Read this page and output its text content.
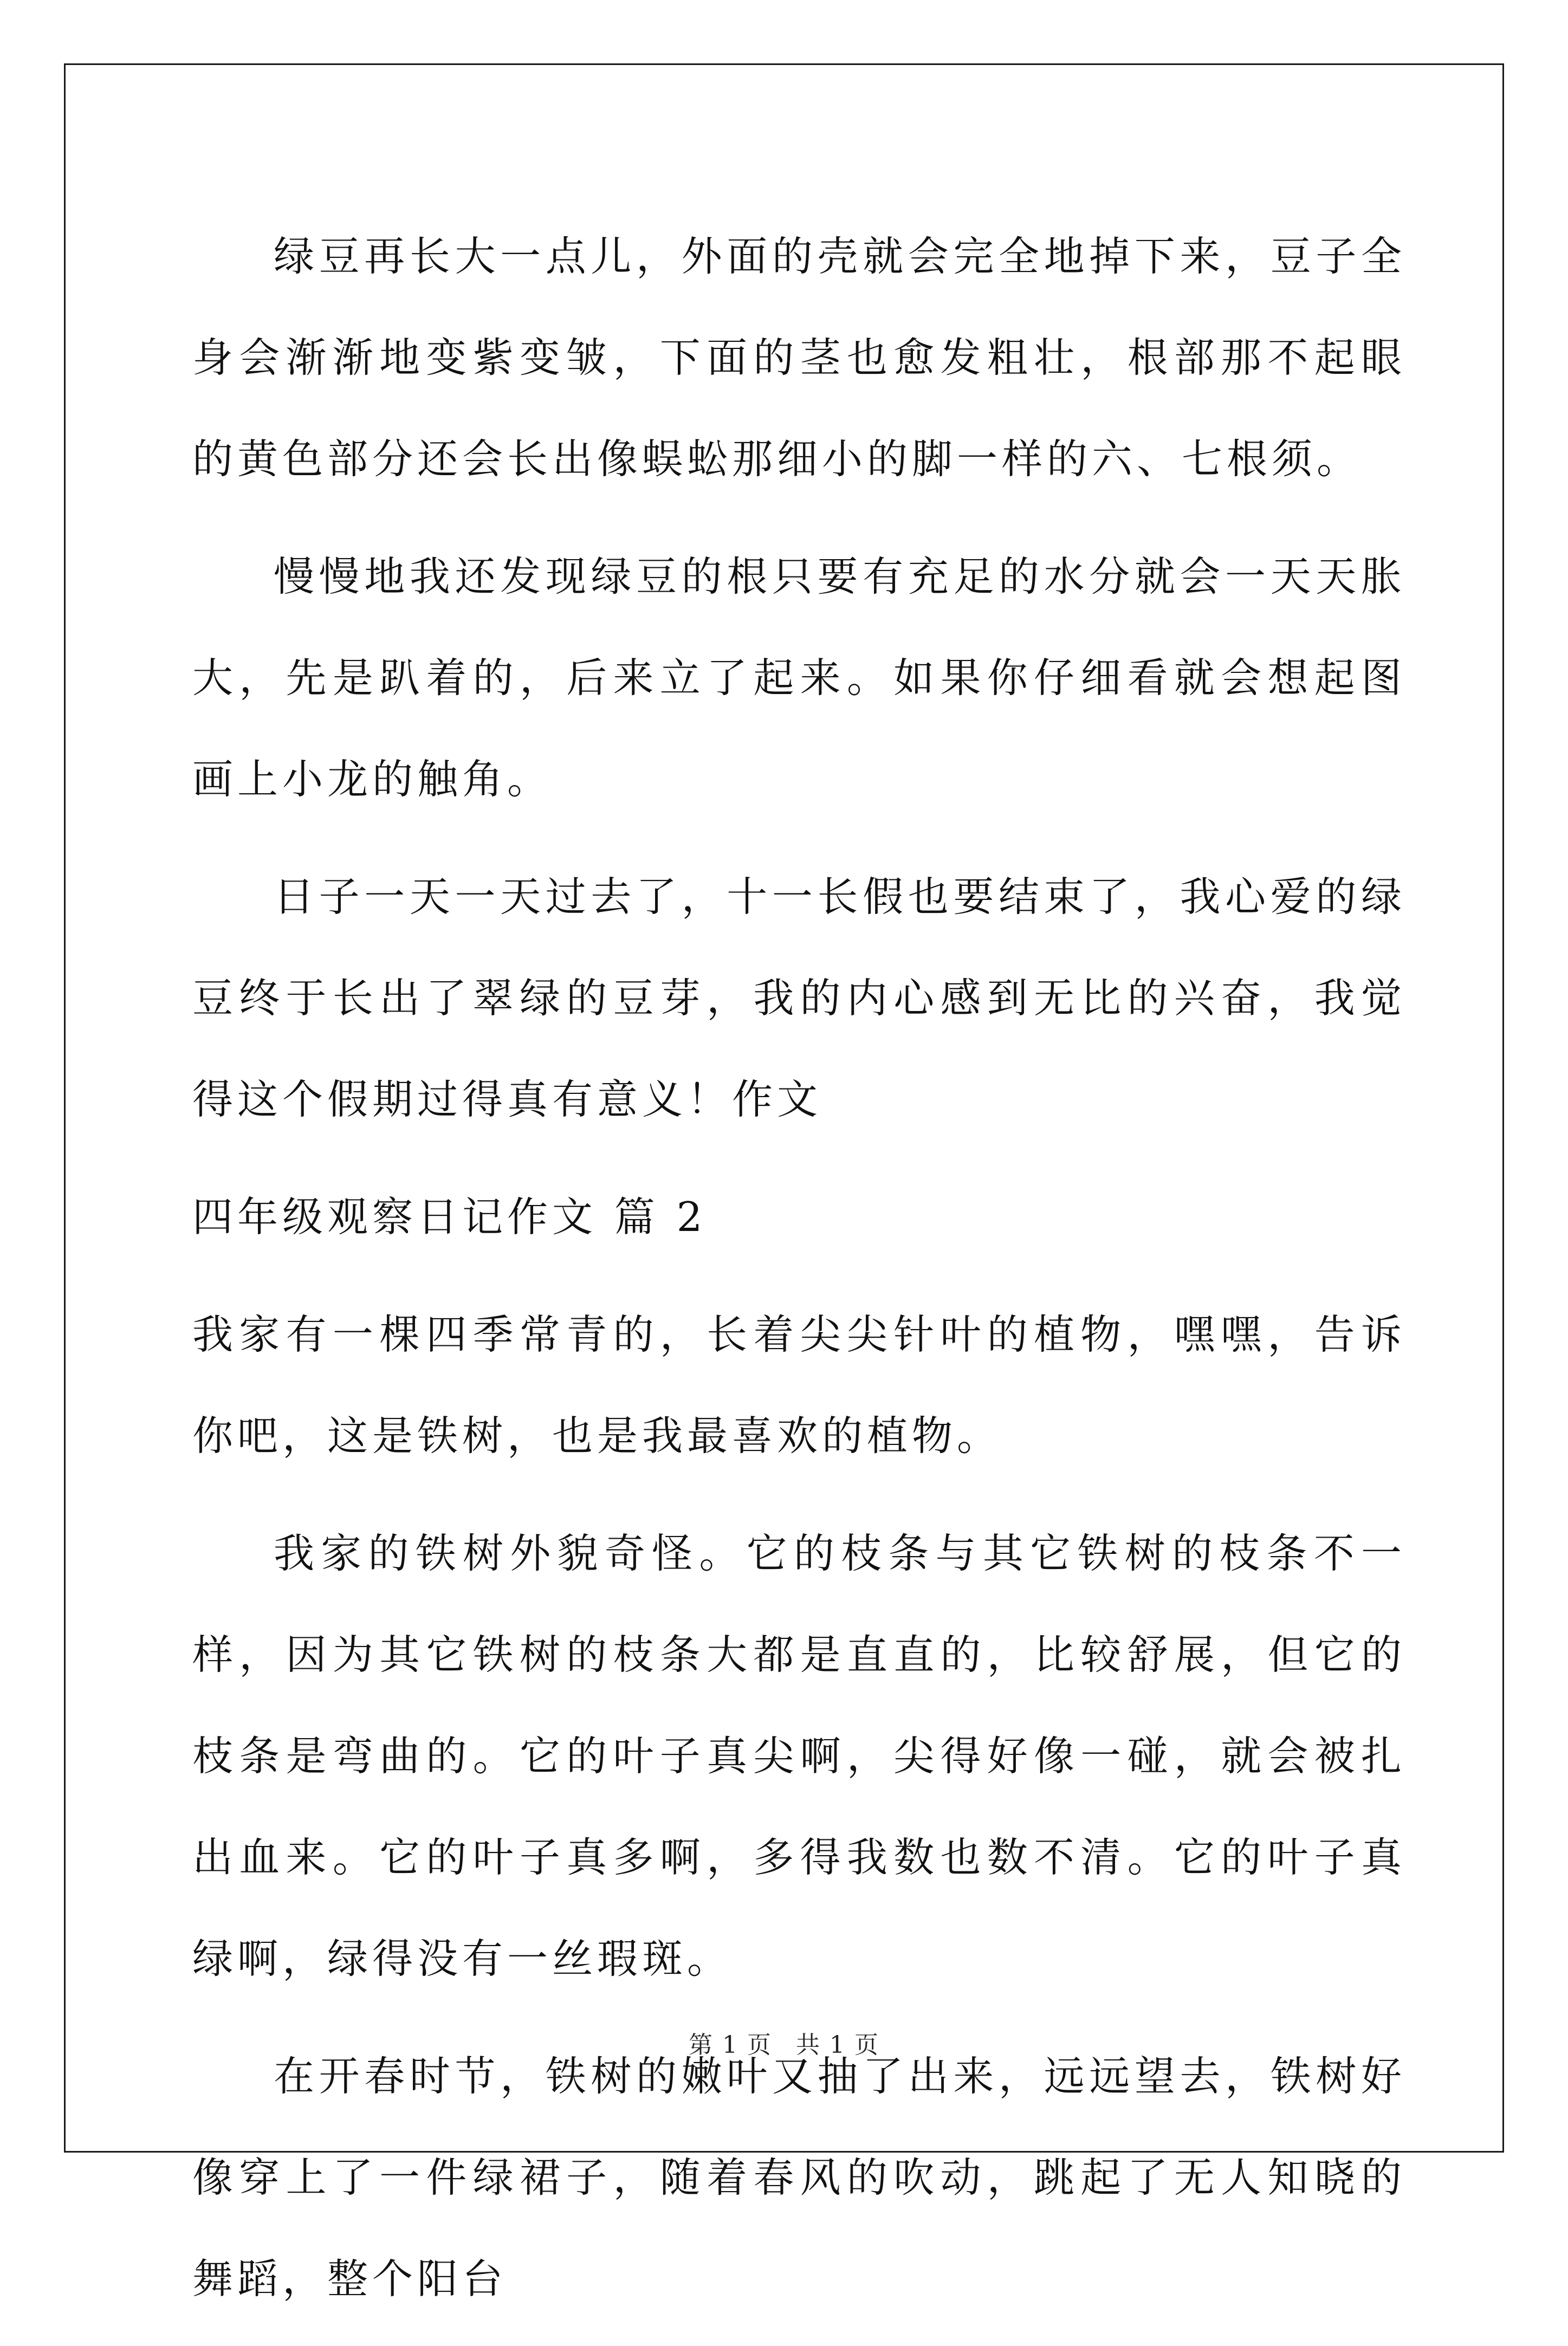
绿豆再长大一点儿，外面的壳就会完全地掉下来，豆子全身会渐渐地变紫变皱，下面的茎也愈发粗壮，根部那不起眼的黄色部分还会长出像蜈蚣那细小的脚一样的六、七根须。

慢慢地我还发现绿豆的根只要有充足的水分就会一天天胀大，先是趴着的，后来立了起来。如果你仔细看就会想起图画上小龙的触角。

日子一天一天过去了，十一长假也要结束了，我心爱的绿豆终于长出了翠绿的豆芽，我的内心感到无比的兴奋，我觉得这个假期过得真有意义！作文

四年级观察日记作文 篇 2

我家有一棵四季常青的，长着尖尖针叶的植物，嘿嘿，告诉你吧，这是铁树，也是我最喜欢的植物。

我家的铁树外貌奇怪。它的枝条与其它铁树的枝条不一样，因为其它铁树的枝条大都是直直的，比较舒展，但它的枝条是弯曲的。它的叶子真尖啊，尖得好像一碰，就会被扎出血来。它的叶子真多啊，多得我数也数不清。它的叶子真绿啊，绿得没有一丝瑕斑。

在开春时节，铁树的嫩叶又抽了出来，远远望去，铁树好像穿上了一件绿裙子，随着春风的吹动，跳起了无人知晓的舞蹈，整个阳台

第 1 页 共 1 页
